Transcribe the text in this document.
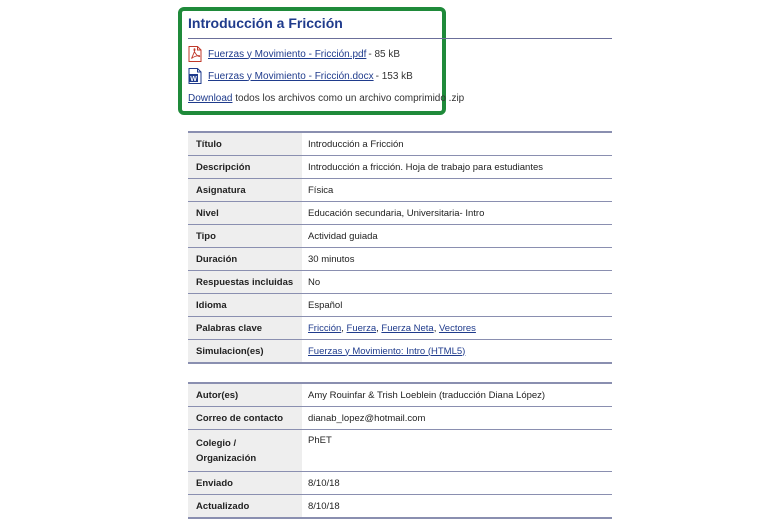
Introducción a Fricción
Fuerzas y Movimiento - Fricción.pdf - 85 kB
W Fuerzas y Movimiento - Fricción.docx - 153 kB
Download todos los archivos como un archivo comprimido .zip
Título		Introducción a Fricción
Descripción		Introducción a fricción. Hoja de trabajo para estudiantes
Asignatura		Física
Nivel		Educación secundaria, Universitaria- Intro
Tipo		Actividad guiada
Duración		30 minutos
Respuestas incluidas		No
Idioma		Español
Palabras clave		Fricción, Fuerza, Fuerza Neta, Vectores
Simulacion(es)		Fuerzas y Movimiento: Intro (HTML5)
Autor(es)		Amy Rouinfar & Trish Loeblein (traducción Diana López)
Correo de contacto		dianab_lopez@hotmail.com

Colegio /
Organización		PhET
Enviado		8/10/18
Actualizado		8/10/18
